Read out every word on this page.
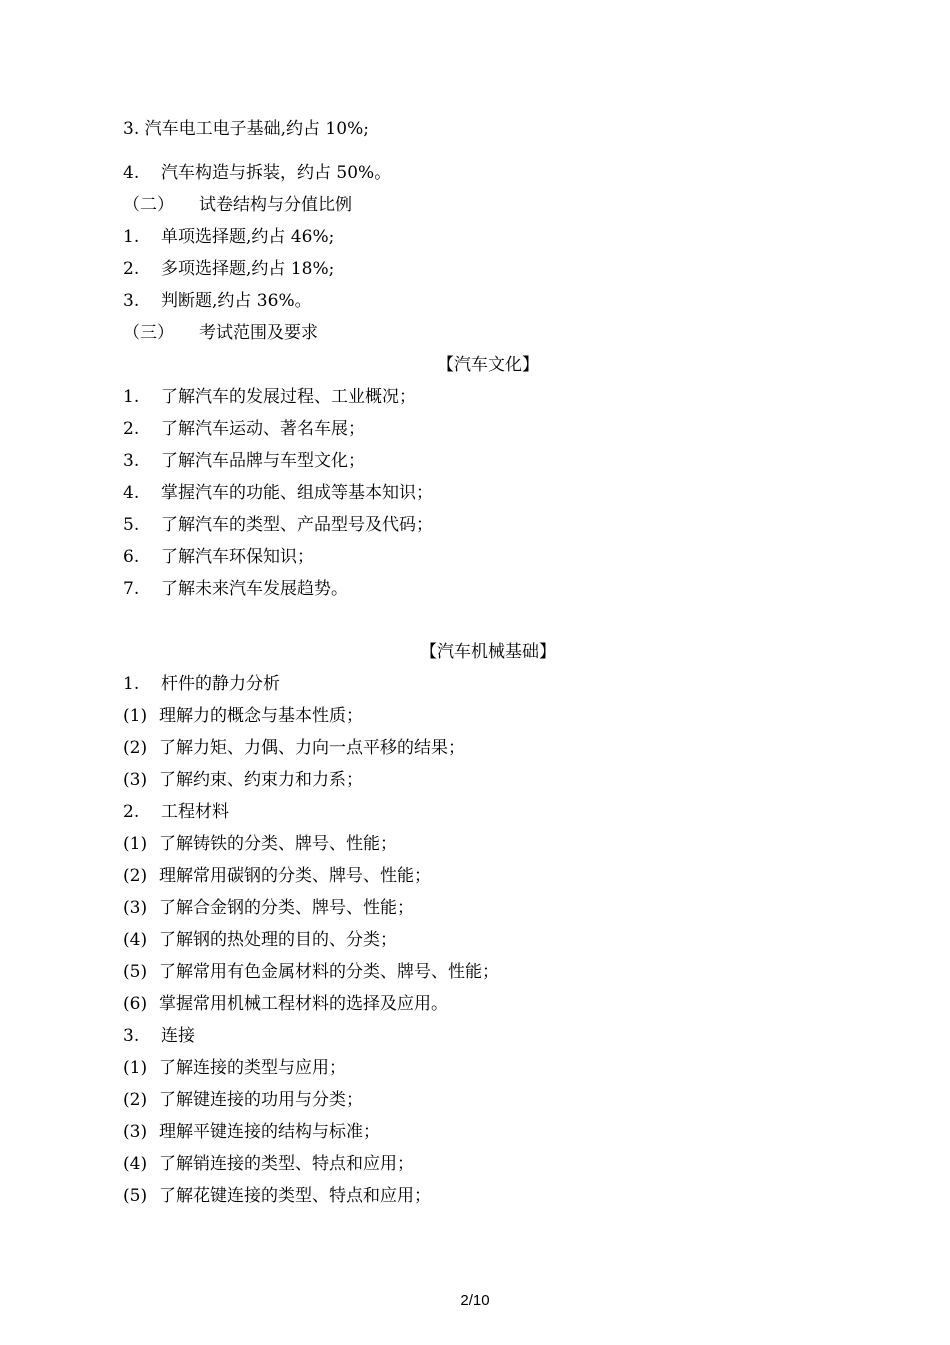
3. 汽车电工电子基础,约占 10%;
4. 汽车构造与拆装，约占 50%。
（二） 试卷结构与分值比例
1. 单项选择题,约占 46%;
2. 多项选择题,约占 18%;
3. 判断题,约占 36%。
（三） 考试范围及要求
【汽车文化】
1. 了解汽车的发展过程、工业概况；
2. 了解汽车运动、著名车展；
3. 了解汽车品牌与车型文化；
4. 掌握汽车的功能、组成等基本知识；
5. 了解汽车的类型、产品型号及代码；
6. 了解汽车环保知识；
7. 了解未来汽车发展趋势。
【汽车机械基础】
1. 杆件的静力分析
(1) 理解力的概念与基本性质；
(2) 了解力矩、力偶、力向一点平移的结果；
(3) 了解约束、约束力和力系；
2. 工程材料
(1) 了解铸铁的分类、牌号、性能；
(2) 理解常用碳钢的分类、牌号、性能；
(3) 了解合金钢的分类、牌号、性能；
(4) 了解钢的热处理的目的、分类；
(5) 了解常用有色金属材料的分类、牌号、性能；
(6) 掌握常用机械工程材料的选择及应用。
3. 连接
(1) 了解连接的类型与应用；
(2) 了解键连接的功用与分类；
(3) 理解平键连接的结构与标准；
(4) 了解销连接的类型、特点和应用；
(5) 了解花键连接的类型、特点和应用；
2/10
